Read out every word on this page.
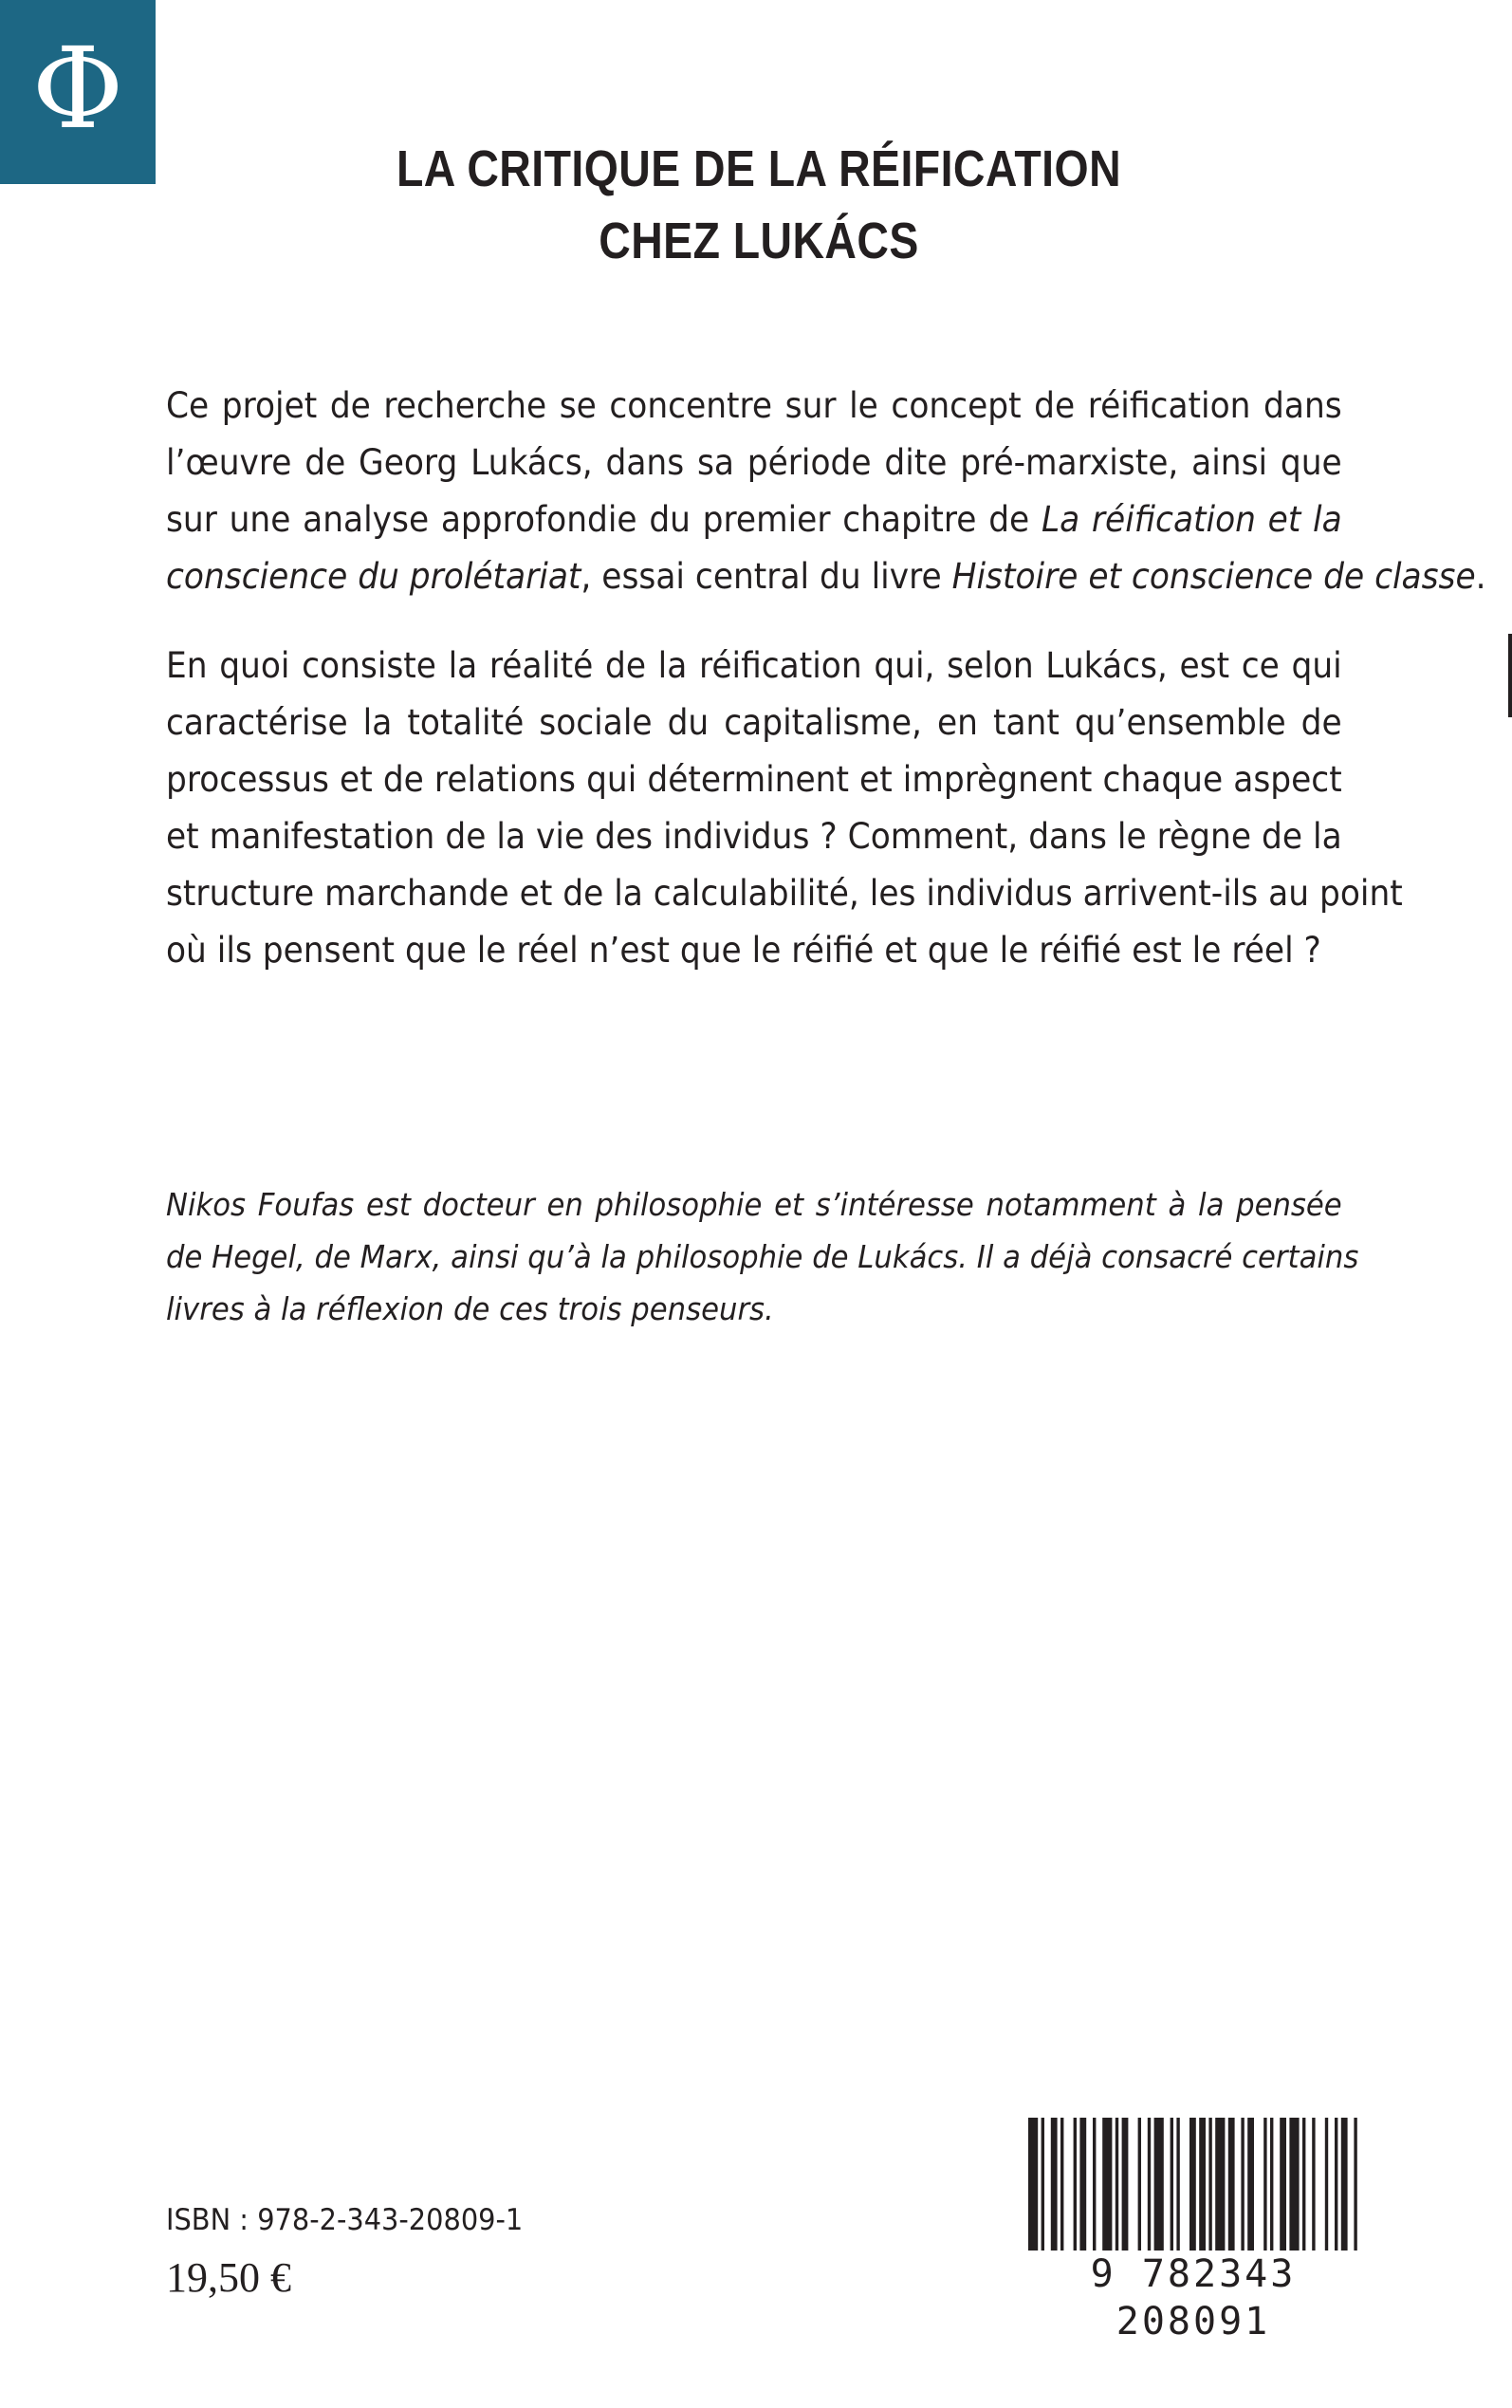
Φ
LA CRITIQUE DE LA RÉIFICATION
CHEZ LUKÁCS
Ce projet de recherche se concentre sur le concept de réification dans
l’œuvre de Georg Lukács, dans sa période dite pré-marxiste, ainsi que
sur une analyse approfondie du premier chapitre de La réification et la
conscience du prolétariat, essai central du livre Histoire et conscience de classe.
En quoi consiste la réalité de la réification qui, selon Lukács, est ce qui
caractérise la totalité sociale du capitalisme, en tant qu’ensemble de
processus et de relations qui déterminent et imprègnent chaque aspect
et manifestation de la vie des individus ? Comment, dans le règne de la
structure marchande et de la calculabilité, les individus arrivent-ils au point
où ils pensent que le réel n’est que le réifié et que le réifié est le réel ?
Nikos Foufas est docteur en philosophie et s’intéresse notamment à la pensée
de Hegel, de Marx, ainsi qu’à la philosophie de Lukács. Il a déjà consacré certains
livres à la réflexion de ces trois penseurs.
ISBN : 978-2-343-20809-1
19,50 €	9 782343 208091
